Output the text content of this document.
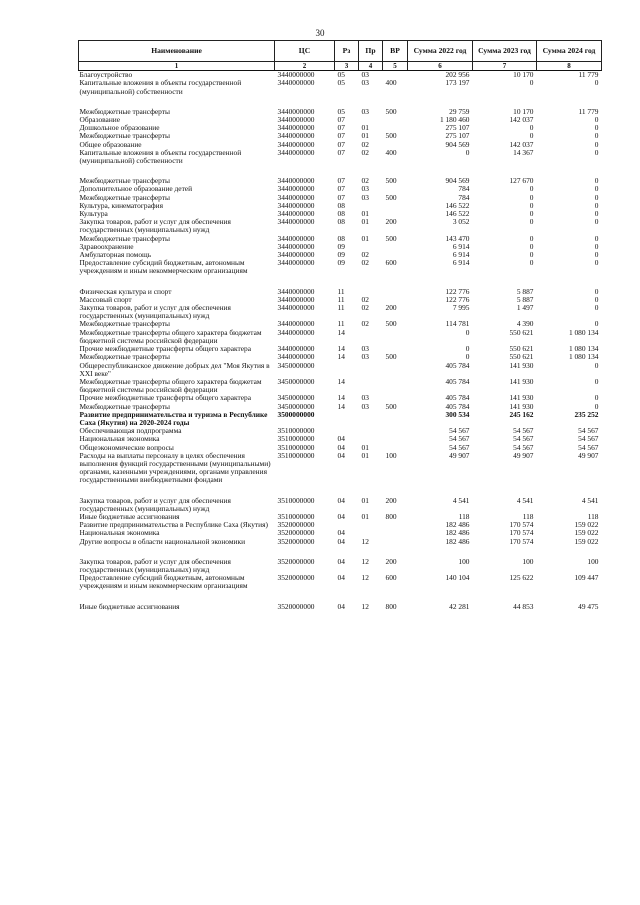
30
Наименование	ЦС	Рз	Пр	ВР	Сумма 2022 год	Сумма 2023 год	Сумма 2024 год
1	2	3	4	5	6	7	8
Благоустройство	3440000000	05	03		202 956	10 170	11 779
Капитальные вложения в объекты государственной (муниципальной) собственности	3440000000	05	03	400	173 197	0	0

Межбюджетные трансферты	3440000000	05	03	500	29 759	10 170	11 779
Образование	3440000000	07			1 180 460	142 037	0
Дошкольное образование	3440000000	07	01		275 107	0	0
Межбюджетные трансферты	3440000000	07	01	500	275 107	0	0
Общее образование	3440000000	07	02		904 569	142 037	0
Капитальные вложения в объекты государственной (муниципальной) собственности	3440000000	07	02	400	0	14 367	0

Межбюджетные трансферты	3440000000	07	02	500	904 569	127 670	0
Дополнительное образование детей	3440000000	07	03		784	0	0
Межбюджетные трансферты	3440000000	07	03	500	784	0	0
Культура, кинематография	3440000000	08			146 522	0	0
Культура	3440000000	08	01		146 522	0	0
Закупка товаров, работ и услуг для обеспечения государственных (муниципальных) нужд	3440000000	08	01	200	3 052	0	0
Межбюджетные трансферты	3440000000	08	01	500	143 470	0	0
Здравоохранение	3440000000	09			6 914	0	0
Амбулаторная помощь	3440000000	09	02		6 914	0	0
Предоставление субсидий бюджетным, автономным учреждениям и иным некоммерческим организациям	3440000000	09	02	600	6 914	0	0

Физическая культура и спорт	3440000000	11			122 776	5 887	0
Массовый спорт	3440000000	11	02		122 776	5 887	0
Закупка товаров, работ и услуг для обеспечения государственных (муниципальных) нужд	3440000000	11	02	200	7 995	1 497	0
Межбюджетные трансферты	3440000000	11	02	500	114 781	4 390	0
Межбюджетные трансферты общего характера бюджетам бюджетной системы российской федерации	3440000000	14			0	550 621	1 080 134
Прочие межбюджетные трансферты общего характера	3440000000	14	03		0	550 621	1 080 134
Межбюджетные трансферты	3440000000	14	03	500	0	550 621	1 080 134
Общереспубликанское движение добрых дел "Моя Якутия в XXI веке"	3450000000				405 784	141 930	0
Межбюджетные трансферты общего характера бюджетам бюджетной системы российской федерации	3450000000	14			405 784	141 930	0
Прочие межбюджетные трансферты общего характера	3450000000	14	03		405 784	141 930	0
Межбюджетные трансферты	3450000000	14	03	500	405 784	141 930	0
Развитие предпринимательства и туризма в Республике Саха (Якутия) на 2020-2024 годы	3500000000				300 534	245 162	235 252
Обеспечивающая подпрограмма	3510000000				54 567	54 567	54 567
Национальная экономика	3510000000	04			54 567	54 567	54 567
Общеэкономические вопросы	3510000000	04	01		54 567	54 567	54 567
Расходы на выплаты персоналу в целях обеспечения выполнения функций государственными (муниципальными) органами, казенными учреждениями, органами управления государственными внебюджетными фондами	3510000000	04	01	100	49 907	49 907	49 907

Закупка товаров, работ и услуг для обеспечения государственных (муниципальных) нужд	3510000000	04	01	200	4 541	4 541	4 541
Иные бюджетные ассигнования	3510000000	04	01	800	118	118	118
Развитие предпринимательства в Республике Саха (Якутия)	3520000000				182 486	170 574	159 022
Национальная экономика	3520000000	04			182 486	170 574	159 022
Другие вопросы в области национальной экономики	3520000000	04	12		182 486	170 574	159 022

Закупка товаров, работ и услуг для обеспечения государственных (муниципальных) нужд	3520000000	04	12	200	100	100	100
Предоставление субсидий бюджетным, автономным учреждениям и иным некоммерческим организациям	3520000000	04	12	600	140 104	125 622	109 447

Иные бюджетные ассигнования	3520000000	04	12	800	42 281	44 853	49 475
